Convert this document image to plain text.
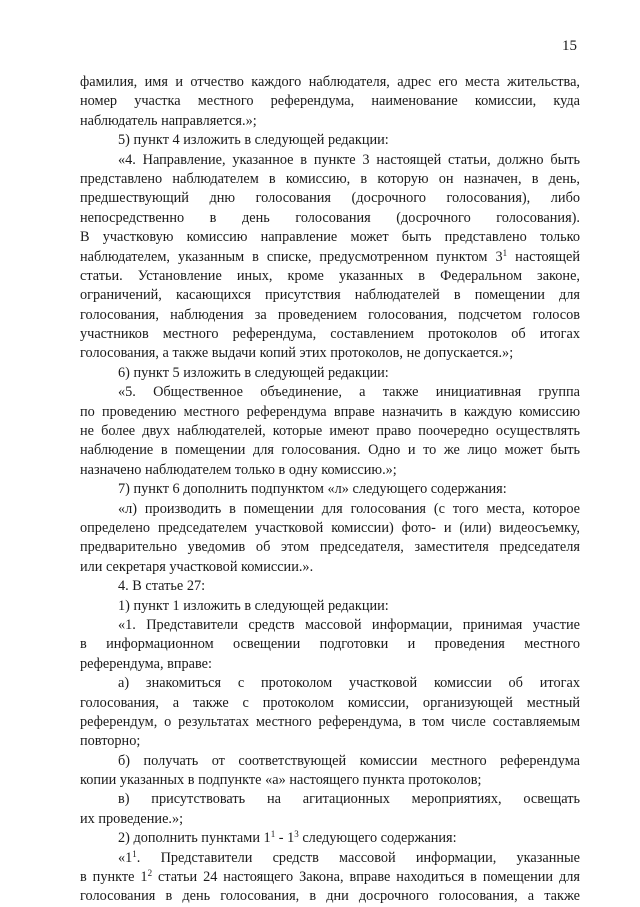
15
фамилия, имя и отчество каждого наблюдателя, адрес его места жительства,
номер участка местного референдума, наименование комиссии, куда
наблюдатель направляется.»;
5) пункт 4 изложить в следующей редакции:
«4. Направление, указанное в пункте 3 настоящей статьи, должно быть
представлено наблюдателем в комиссию, в которую он назначен, в день,
предшествующий дню голосования (досрочного голосования), либо
непосредственно в день голосования (досрочного голосования).
В участковую комиссию направление может быть представлено только
наблюдателем, указанным в списке, предусмотренном пунктом $3^1$ настоящей
статьи. Установление иных, кроме указанных в Федеральном законе,
ограничений, касающихся присутствия наблюдателей в помещении для
голосования, наблюдения за проведением голосования, подсчетом голосов
участников местного референдума, составлением протоколов об итогах
голосования, а также выдачи копий этих протоколов, не допускается.»;
6) пункт 5 изложить в следующей редакции:
«5. Общественное объединение, а также инициативная группа
по проведению местного референдума вправе назначить в каждую комиссию
не более двух наблюдателей, которые имеют право поочередно осуществлять
наблюдение в помещении для голосования. Одно и то же лицо может быть
назначено наблюдателем только в одну комиссию.»;
7) пункт 6 дополнить подпунктом «л» следующего содержания:
«л) производить в помещении для голосования (с того места, которое
определено председателем участковой комиссии) фото- и (или) видеосъемку,
предварительно уведомив об этом председателя, заместителя председателя
или секретаря участковой комиссии.».
4. В статье 27:
1) пункт 1 изложить в следующей редакции:
«1. Представители средств массовой информации, принимая участие
в информационном освещении подготовки и проведения местного
референдума, вправе:
а) знакомиться с протоколом участковой комиссии об итогах
голосования, а также с протоколом комиссии, организующей местный
референдум, о результатах местного референдума, в том числе составляемым
повторно;
б) получать от соответствующей комиссии местного референдума
копии указанных в подпункте «а» настоящего пункта протоколов;
в) присутствовать на агитационных мероприятиях, освещать
их проведение.»;
2) дополнить пунктами $1^1 - 1^3$ следующего содержания:
«$1^1$. Представители средств массовой информации, указанные
в пункте $1^2$ статьи 24 настоящего Закона, вправе находиться в помещении для
голосования в день голосования, в дни досрочного голосования, а также
